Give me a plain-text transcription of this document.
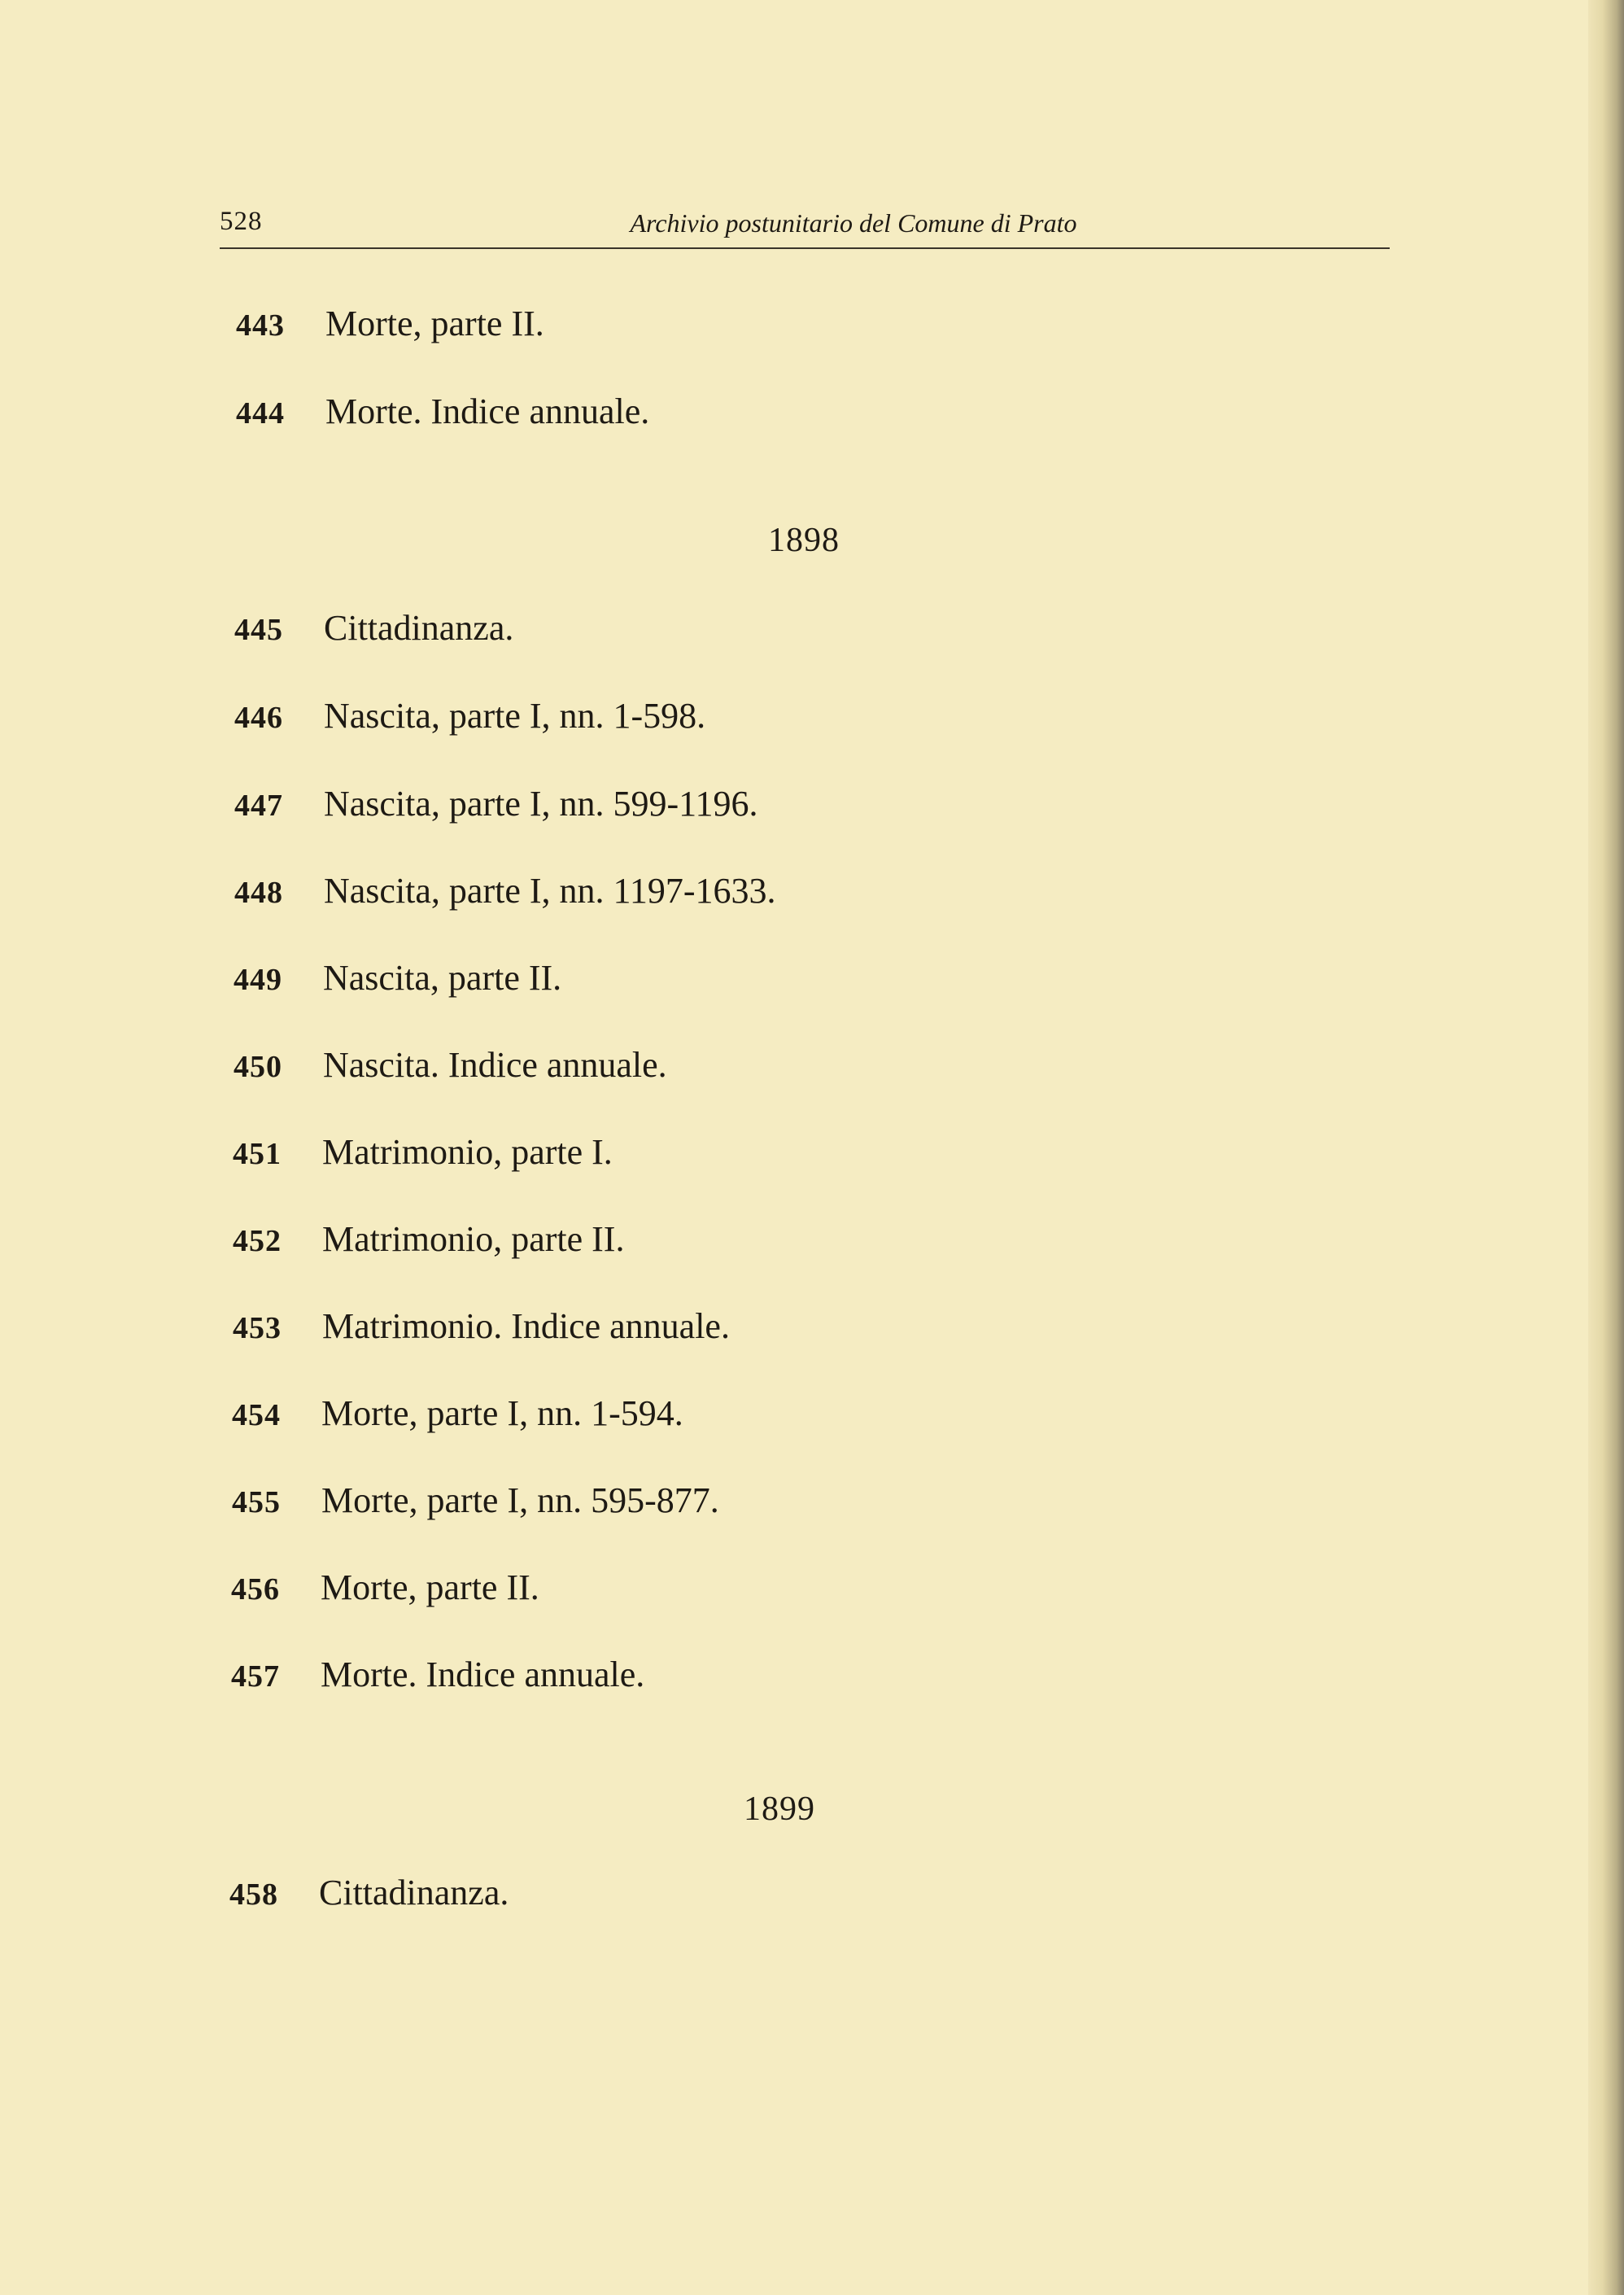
528	Archivio postunitario del Comune di Prato
443 Morte, parte II.
444 Morte. Indice annuale.
1898
445 Cittadinanza.
446 Nascita, parte I, nn. 1-598.
447 Nascita, parte I, nn. 599-1196.
448 Nascita, parte I, nn. 1197-1633.
449 Nascita, parte II.
450 Nascita. Indice annuale.
451 Matrimonio, parte I.
452 Matrimonio, parte II.
453 Matrimonio. Indice annuale.
454 Morte, parte I, nn. 1-594.
455 Morte, parte I, nn. 595-877.
456 Morte, parte II.
457 Morte. Indice annuale.
1899
458 Cittadinanza.
